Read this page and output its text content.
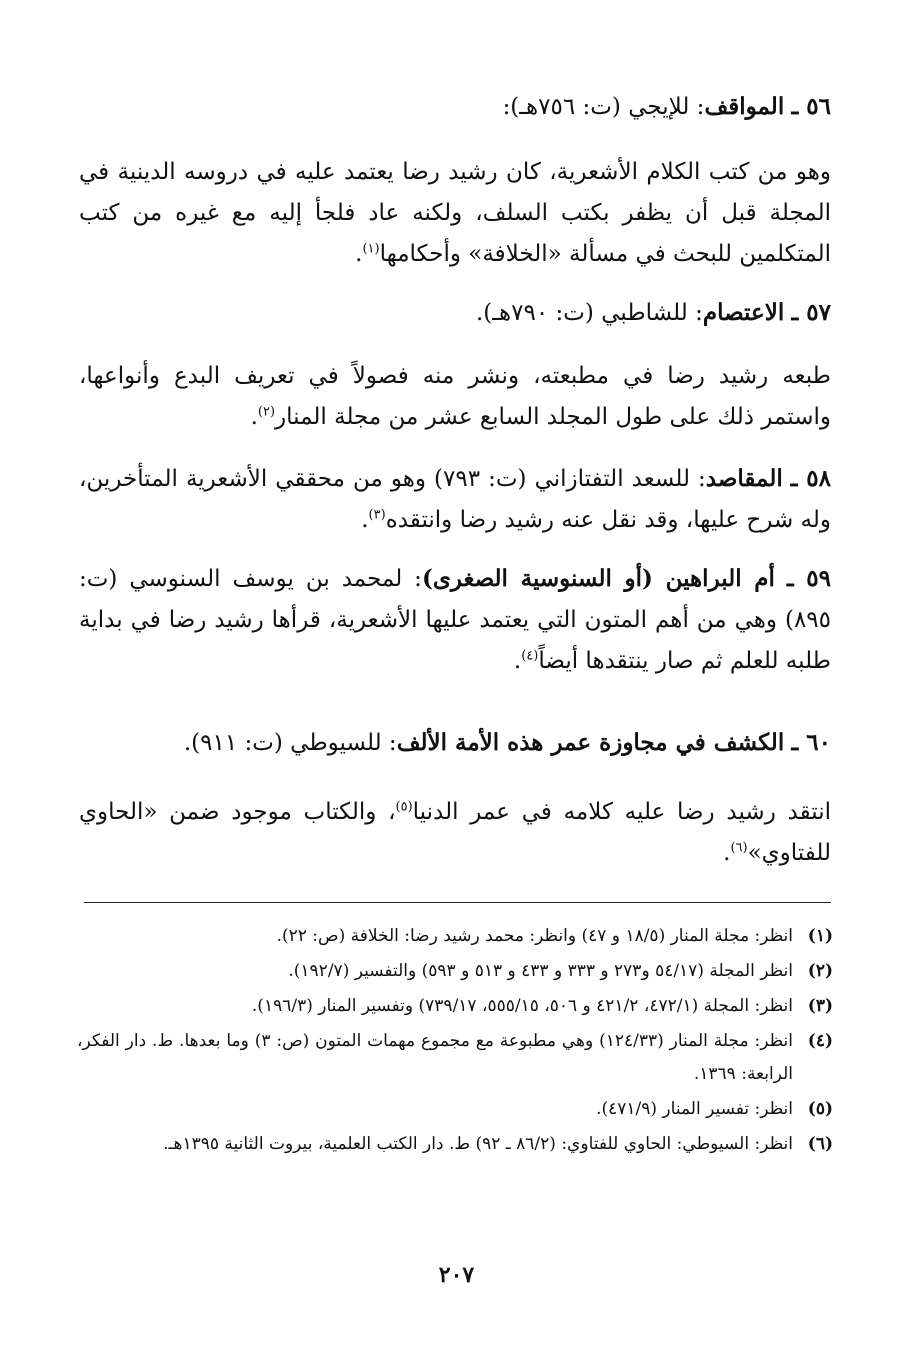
٥٦ ـ المواقف: للإيجي (ت: ٧٥٦هـ):
وهو من كتب الكلام الأشعرية، كان رشيد رضا يعتمد عليه في دروسه الدينية في المجلة قبل أن يظفر بكتب السلف، ولكنه عاد فلجأ إليه مع غيره من كتب المتكلمين للبحث في مسألة «الخلافة» وأحكامها$^{(١)}$.
٥٧ ـ الاعتصام: للشاطبي (ت: ٧٩٠هـ).
طبعه رشيد رضا في مطبعته، ونشر منه فصولاً في تعريف البدع وأنواعها، واستمر ذلك على طول المجلد السابع عشر من مجلة المنار$^{(٢)}$.
٥٨ ـ المقاصد: للسعد التفتازاني (ت: ٧٩٣) وهو من محققي الأشعرية المتأخرين، وله شرح عليها، وقد نقل عنه رشيد رضا وانتقده$^{(٣)}$.
٥٩ ـ أم البراهين (أو السنوسية الصغرى): لمحمد بن يوسف السنوسي (ت: ٨٩٥) وهي من أهم المتون التي يعتمد عليها الأشعرية، قرأها رشيد رضا في بداية طلبه للعلم ثم صار ينتقدها أيضاً$^{(٤)}$.
٦٠ ـ الكشف في مجاوزة عمر هذه الأمة الألف: للسيوطي (ت: ٩١١).
انتقد رشيد رضا عليه كلامه في عمر الدنيا$^{(٥)}$، والكتاب موجود ضمن «الحاوي للفتاوي»$^{(٦)}$.
(١)
انظر: مجلة المنار (١٨/٥ و ٤٧) وانظر: محمد رشيد رضا: الخلافة (ص: ٢٢).
(٢)
انظر المجلة (٥٤/١٧ و٢٧٣ و ٣٣٣ و ٤٣٣ و ٥١٣ و ٥٩٣) والتفسير (١٩٢/٧).
(٣)
انظر: المجلة (٤٧٢/١، ٤٢١/٢ و ٥٠٦، ٥٥٥/١٥، ٧٣٩/١٧) وتفسير المنار (١٩٦/٣).
(٤)
انظر: مجلة المنار (١٢٤/٣٣) وهي مطبوعة مع مجموع مهمات المتون (ص: ٣) وما بعدها. ط. دار الفكر، الرابعة: ١٣٦٩.
(٥)
انظر: تفسير المنار (٤٧١/٩).
(٦)
انظر: السيوطي: الحاوي للفتاوي: (٨٦/٢ ـ ٩٢) ط. دار الكتب العلمية، بيروت الثانية ١٣٩٥هـ.
٢٠٧
